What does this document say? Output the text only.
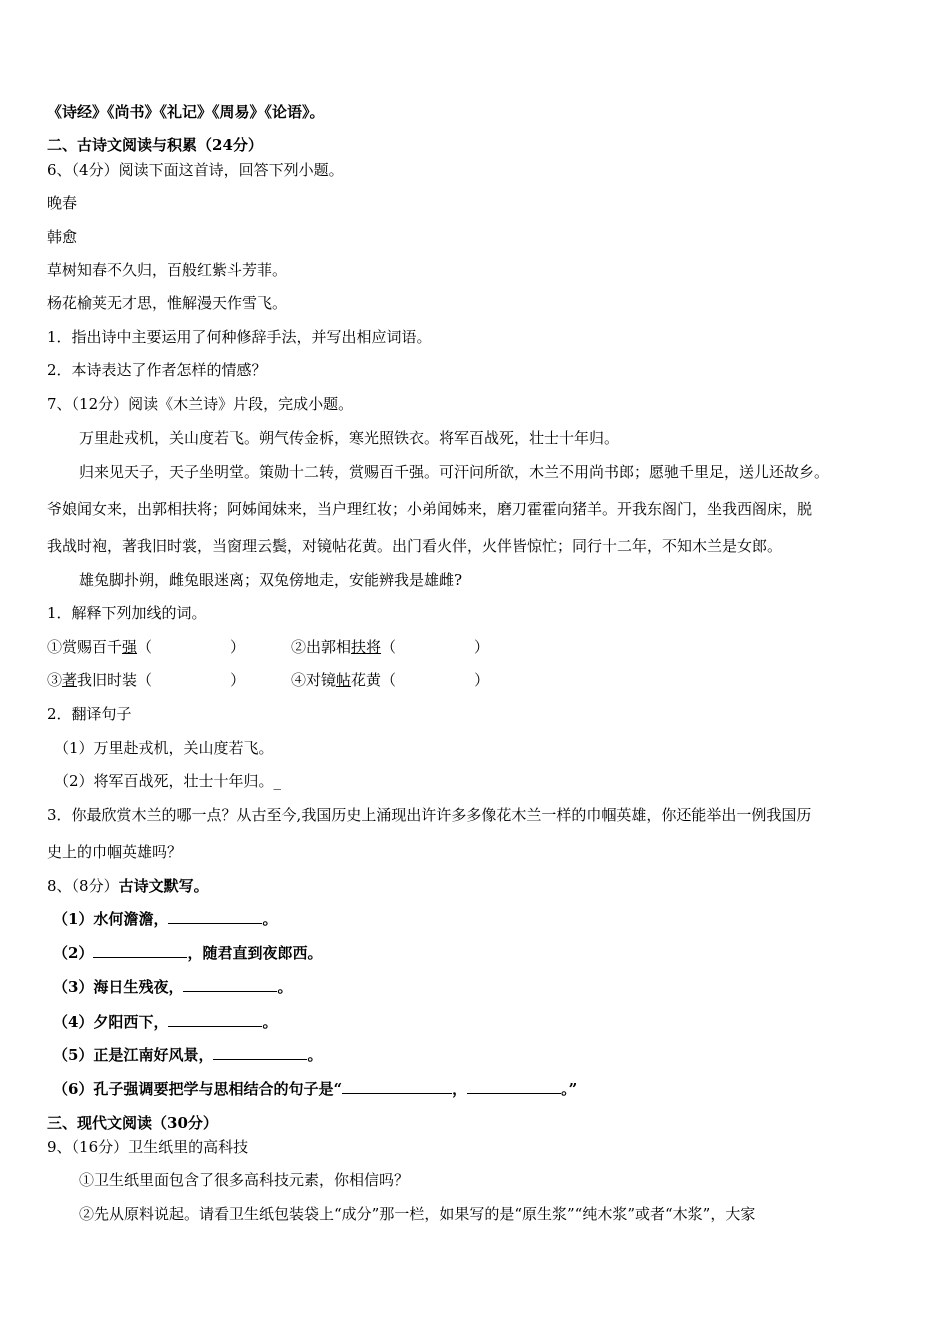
《诗经》《尚书》《礼记》《周易》《论语》。
二、古诗文阅读与积累（24分）
6、（4分）阅读下面这首诗，回答下列小题。
晚春
韩愈
草树知春不久归，百般红紫斗芳菲。
杨花榆荚无才思，惟解漫天作雪飞。
1．指出诗中主要运用了何种修辞手法，并写出相应词语。
2．本诗表达了作者怎样的情感？
7、（12分）阅读《木兰诗》片段，完成小题。
万里赴戎机，关山度若飞。朔气传金柝，寒光照铁衣。将军百战死，壮士十年归。
归来见天子，天子坐明堂。策勋十二转，赏赐百千强。可汗问所欲，木兰不用尚书郎；愿驰千里足，送儿还故乡。
爷娘闻女来，出郭相扶将；阿姊闻妹来，当户理红妆；小弟闻姊来，磨刀霍霍向猪羊。开我东阁门，坐我西阁床，脱
我战时袍，著我旧时裳，当窗理云鬓，对镜帖花黄。出门看火伴，火伴皆惊忙；同行十二年，不知木兰是女郎。
雄兔脚扑朔，雌兔眼迷离；双兔傍地走，安能辨我是雄雌?
1．解释下列加线的词。
①赏赐百千强（	）	②出郭相扶将（	）
③著我旧时装（	）	④对镜帖花黄（	）
2．翻译句子
（1）万里赴戎机，关山度若飞。
（2）将军百战死，壮士十年归。_
3．你最欣赏木兰的哪一点？从古至今,我国历史上涌现出许许多多像花木兰一样的巾帼英雄，你还能举出一例我国历
史上的巾帼英雄吗？
8、（8分）古诗文默写。
（1）水何澹澹，	。
（2）	，随君直到夜郎西。
（3）海日生残夜，	。
（4）夕阳西下，	。
（5）正是江南好风景，	。
（6）孔子强调要把学与思相结合的句子是“	，	。”
三、现代文阅读（30分）
9、（16分）卫生纸里的高科技
①卫生纸里面包含了很多高科技元素，你相信吗？
②先从原料说起。请看卫生纸包装袋上“成分”那一栏，如果写的是“原生浆”“纯木浆”或者“木浆”，大家
